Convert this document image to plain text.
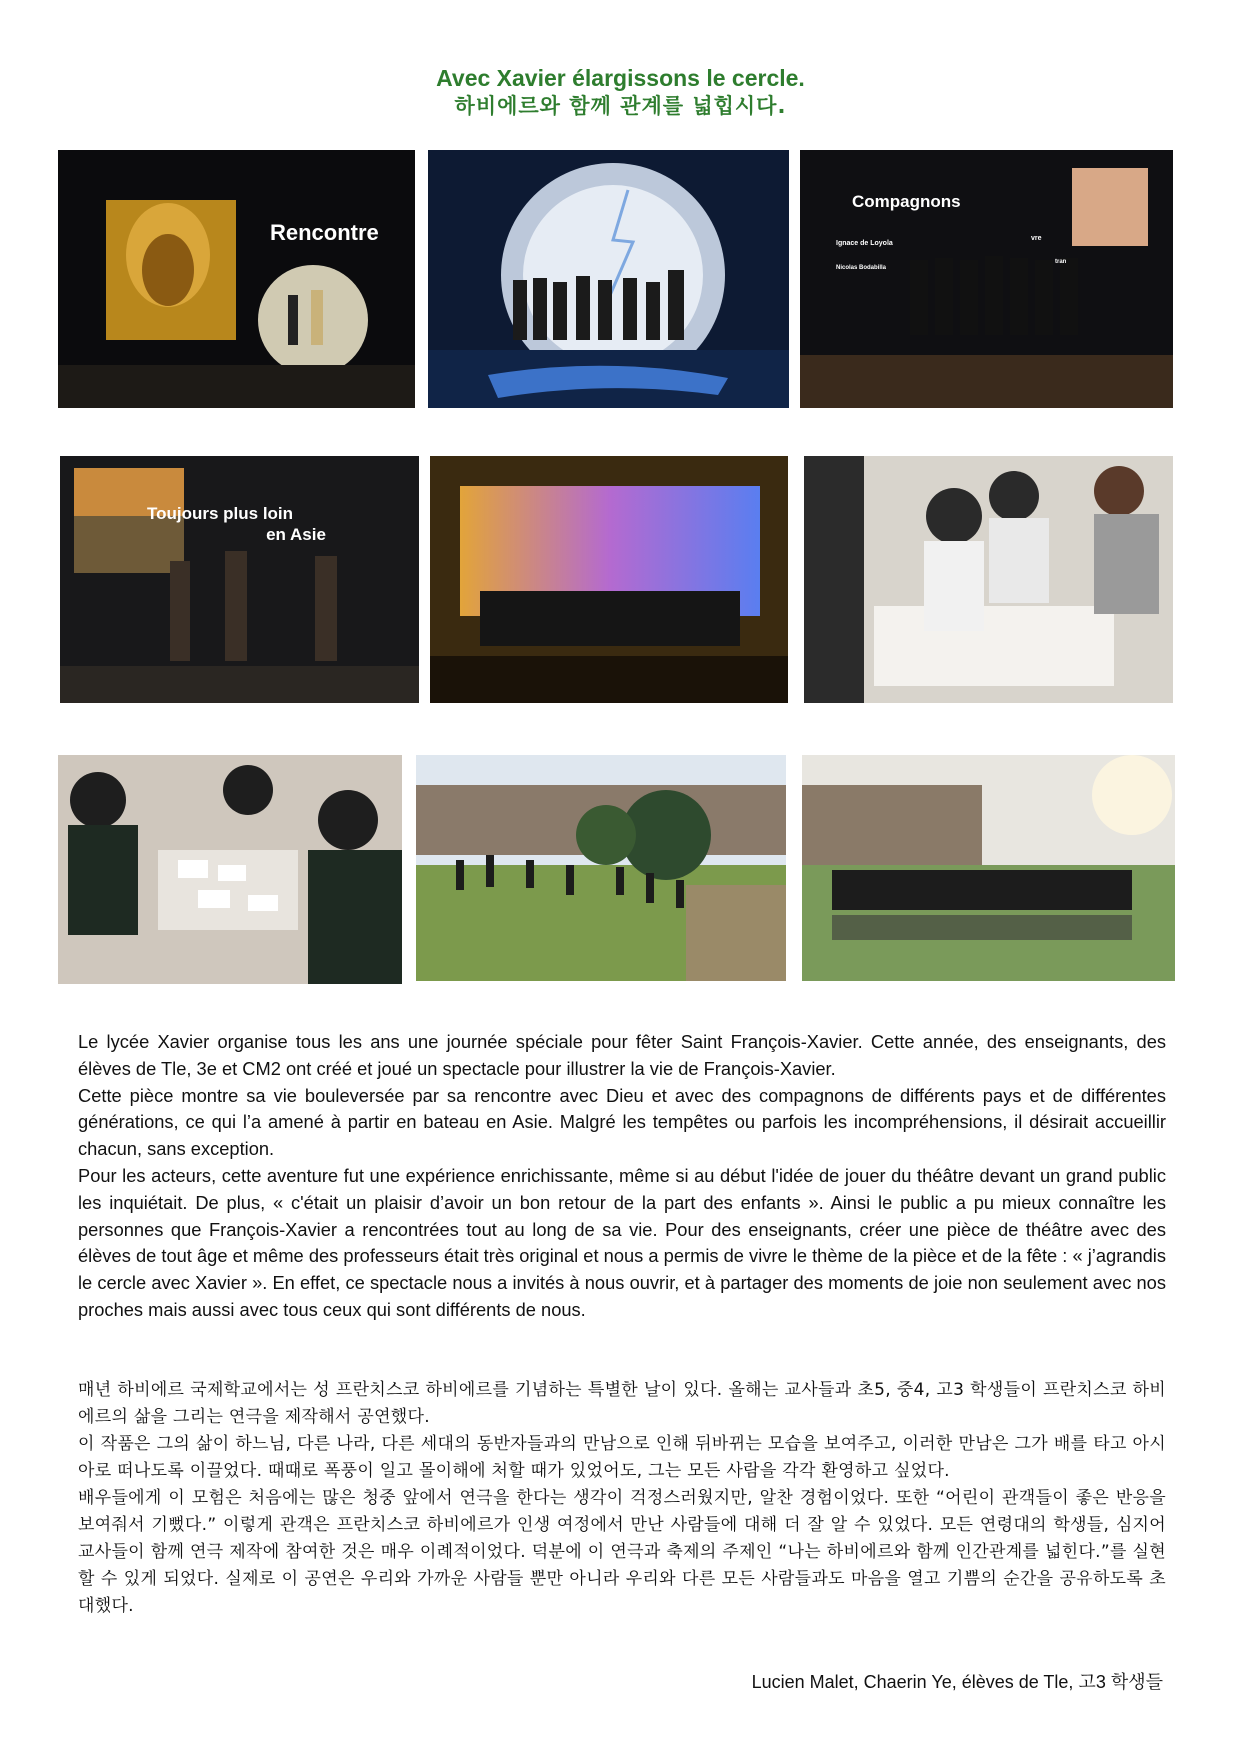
Avec Xavier élargissons le cercle.
하비에르와 함께 관계를 넓힙시다.
Rencontre
Compagnons
Ignace de Loyola
Nicolas Bodabilla
vre
tran
Toujours plus loin
en Asie

Le lycée Xavier organise tous les ans une journée spéciale pour fêter Saint François-Xavier. Cette année, des enseignants, des élèves de Tle, 3e et CM2 ont créé et joué un spectacle pour illustrer la vie de François-Xavier.

Cette pièce montre sa vie bouleversée par sa rencontre avec Dieu et avec des compagnons de différents pays et de différentes générations, ce qui l’a amené à partir en bateau en Asie. Malgré les tempêtes ou parfois les incompréhensions, il désirait accueillir chacun, sans exception.

Pour les acteurs, cette aventure fut une expérience enrichissante, même si au début l'idée de jouer du théâtre devant un grand public les inquiétait. De plus, « c'était un plaisir d’avoir un bon retour de la part des enfants ». Ainsi le public a pu mieux connaître les personnes que François-Xavier a rencontrées tout au long de sa vie. Pour des enseignants, créer une pièce de théâtre avec des élèves de tout âge et même des professeurs était très original et nous a permis de vivre le thème de la pièce et de la fête : « j’agrandis le cercle avec Xavier ». En effet, ce spectacle nous a invités à nous ouvrir, et à partager des moments de joie non seulement avec nos proches mais aussi avec tous ceux qui sont différents de nous.

매년 하비에르 국제학교에서는 성 프란치스코 하비에르를 기념하는 특별한 날이 있다. 올해는 교사들과 초5, 중4, 고3 학생들이 프란치스코 하비에르의 삶을 그리는 연극을 제작해서 공연했다.

이 작품은 그의 삶이 하느님, 다른 나라, 다른 세대의 동반자들과의 만남으로 인해 뒤바뀌는 모습을 보여주고, 이러한 만남은 그가 배를 타고 아시아로 떠나도록 이끌었다. 때때로 폭풍이 일고 몰이해에 처할 때가 있었어도, 그는 모든 사람을 각각 환영하고 싶었다.

배우들에게 이 모험은 처음에는 많은 청중 앞에서 연극을 한다는 생각이 걱정스러웠지만, 알찬 경험이었다. 또한 “어린이 관객들이 좋은 반응을 보여줘서 기뻤다.” 이렇게 관객은 프란치스코 하비에르가 인생 여정에서 만난 사람들에 대해 더 잘 알 수 있었다. 모든 연령대의 학생들, 심지어 교사들이 함께 연극 제작에 참여한 것은 매우 이례적이었다. 덕분에 이 연극과 축제의 주제인 “나는 하비에르와 함께 인간관계를 넓힌다.”를 실현할 수 있게 되었다. 실제로 이 공연은 우리와 가까운 사람들 뿐만 아니라 우리와 다른 모든 사람들과도 마음을 열고 기쁨의 순간을 공유하도록 초대했다.

Lucien Malet, Chaerin Ye, élèves de Tle, 고3 학생들
